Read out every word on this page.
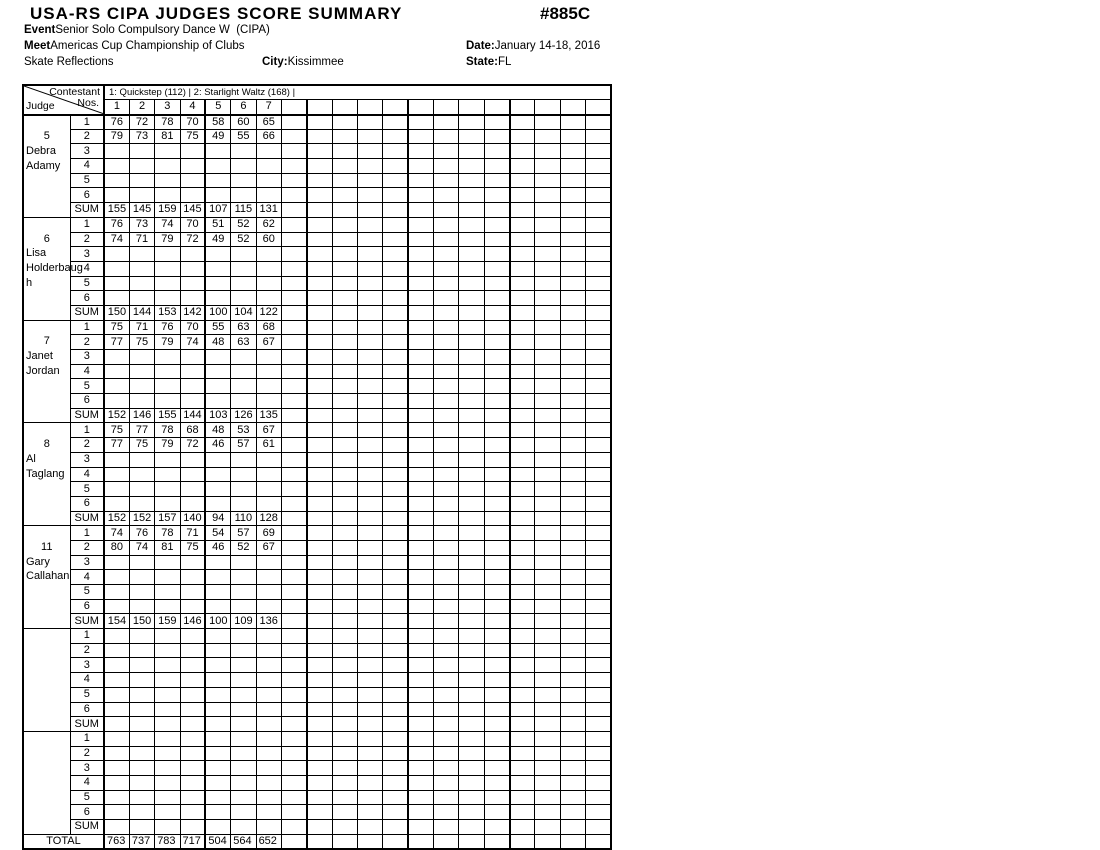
USA-RS CIPA JUDGES SCORE SUMMARY	#885C
EventSenior Solo Compulsory Dance W  (CIPA)
MeetAmericas Cup Championship of Clubs	Date:January 14-18, 2016
Skate Reflections	City:Kissimmee	State:FL
Contestant
Nos.
Judge		1: Quickstep (112) | 2: Starlight Waltz (168) |																			
		1	2	3	4	5	6	7													

5
Debra
Adamy	1	76	72	78	70	58	60	65													
	2	79	73	81	75	49	55	66													
	3																				
	4																				
	5																				
	6																				
	SUM	155	145	159	145	107	115	131													

6
Lisa
Holderbaug
h	1	76	73	74	70	51	52	62													
	2	74	71	79	72	49	52	60													
	3																				
	4																				
	5																				
	6																				
	SUM	150	144	153	142	100	104	122													

7
Janet
Jordan	1	75	71	76	70	55	63	68													
	2	77	75	79	74	48	63	67													
	3																				
	4																				
	5																				
	6																				
	SUM	152	146	155	144	103	126	135													

8
Al
Taglang	1	75	77	78	68	48	53	67													
	2	77	75	79	72	46	57	61													
	3																				
	4																				
	5																				
	6																				
	SUM	152	152	157	140	94	110	128													

11
Gary
Callahan	1	74	76	78	71	54	57	69													
	2	80	74	81	75	46	52	67													
	3																				
	4																				
	5																				
	6																				
	SUM	154	150	159	146	100	109	136													

	1																				
	2																				
	3																				
	4																				
	5																				
	6																				
	SUM																				

	1																				
	2																				
	3																				
	4																				
	5																				
	6																				
	SUM																				
TOTAL		763	737	783	717	504	564	652													
